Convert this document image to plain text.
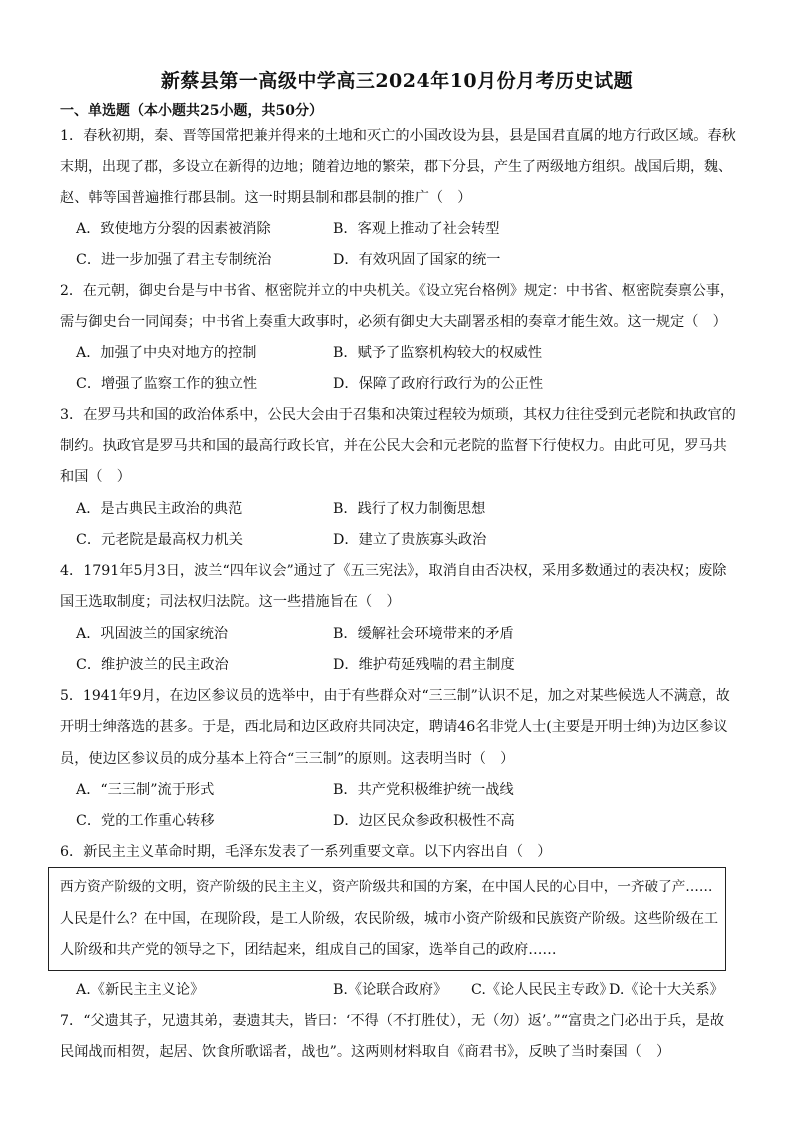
新蔡县第一高级中学高三2024年10月份月考历史试题
一、单选题（本小题共25小题，共50分）
1．春秋初期，秦、晋等国常把兼并得来的土地和灭亡的小国改设为县，县是国君直属的地方行政区域。春秋
末期，出现了郡，多设立在新得的边地；随着边地的繁荣，郡下分县，产生了两级地方组织。战国后期，魏、
赵、韩等国普遍推行郡县制。这一时期县制和郡县制的推广（　）
A．致使地方分裂的因素被消除	B．客观上推动了社会转型
C．进一步加强了君主专制统治	D．有效巩固了国家的统一
2．在元朝，御史台是与中书省、枢密院并立的中央机关。《设立宪台格例》规定：中书省、枢密院奏禀公事，
需与御史台一同闻奏；中书省上奏重大政事时，必须有御史大夫副署丞相的奏章才能生效。这一规定（　）
A．加强了中央对地方的控制	B．赋予了监察机构较大的权威性
C．增强了监察工作的独立性	D．保障了政府行政行为的公正性
3．在罗马共和国的政治体系中，公民大会由于召集和决策过程较为烦琐，其权力往往受到元老院和执政官的
制约。执政官是罗马共和国的最高行政长官，并在公民大会和元老院的监督下行使权力。由此可见，罗马共
和国（　）
A．是古典民主政治的典范	B．践行了权力制衡思想
C．元老院是最高权力机关	D．建立了贵族寡头政治
4．1791年5月3日，波兰“四年议会”通过了《五三宪法》，取消自由否决权，采用多数通过的表决权；废除
国王选取制度；司法权归法院。这一些措施旨在（　）
A．巩固波兰的国家统治	B．缓解社会环境带来的矛盾
C．维护波兰的民主政治	D．维护苟延残喘的君主制度
5．1941年9月，在边区参议员的选举中，由于有些群众对“三三制”认识不足，加之对某些候选人不满意，故
开明士绅落选的甚多。于是，西北局和边区政府共同决定，聘请46名非党人士(主要是开明士绅)为边区参议
员，使边区参议员的成分基本上符合“三三制”的原则。这表明当时（　）
A．“三三制”流于形式	B．共产党积极维护统一战线
C．党的工作重心转移	D．边区民众参政积极性不高
6．新民主主义革命时期，毛泽东发表了一系列重要文章。以下内容出自（　）
西方资产阶级的文明，资产阶级的民主主义，资产阶级共和国的方案，在中国人民的心目中，一齐破了产……
人民是什么？在中国，在现阶段，是工人阶级，农民阶级，城市小资产阶级和民族资产阶级。这些阶级在工
人阶级和共产党的领导之下，团结起来，组成自己的国家，选举自己的政府……
A.《新民主主义论》	B.《论联合政府》 C.《论人民民主专政》
D.《论十大关系》
7．“父遗其子，兄遗其弟，妻遗其夫，皆曰：‘不得（不打胜仗），无（勿）返’。”“富贵之门必出于兵，是故
民闻战而相贺，起居、饮食所歌谣者，战也”。这两则材料取自《商君书》，反映了当时秦国（　）
